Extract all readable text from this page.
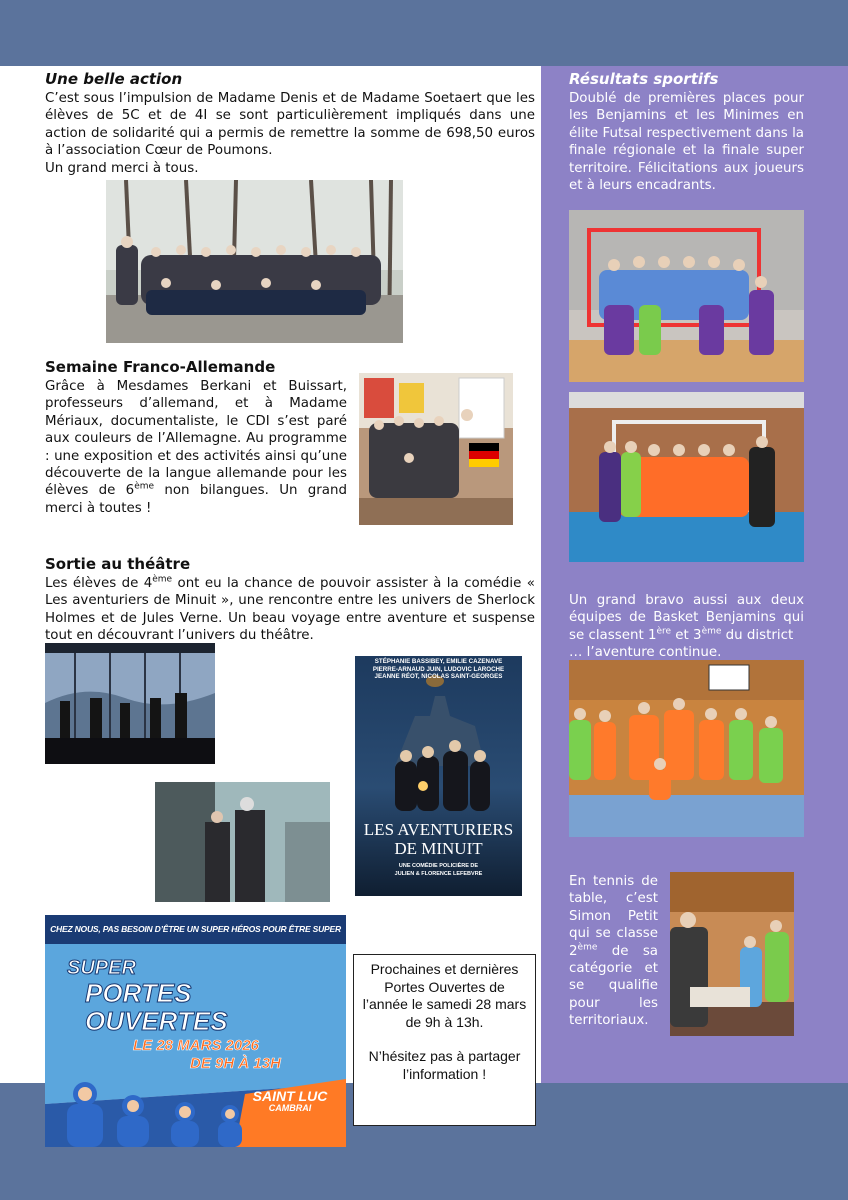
Une belle action

C’est sous l’impulsion de Madame Denis et de Madame Soetaert que les élèves de 5C et de 4I se sont particulièrement impliqués dans une action de solidarité qui a permis de remettre la somme de 698,50 euros à l’association Cœur de Poumons.
Un grand merci à tous.

Semaine Franco-Allemande

Grâce à Mesdames Berkani et Buissart, professeurs d’allemand, et à Madame Mériaux, documentaliste, le CDI s’est paré aux couleurs de l’Allemagne. Au programme : une exposition et des activités ainsi qu’une découverte de la langue allemande pour les élèves de 6ème non bilangues. Un grand merci à toutes !

Sortie au théâtre

Les élèves de 4ème ont eu la chance de pouvoir assister à la comédie « Les aventuriers de Minuit », une rencontre entre les univers de Sherlock Holmes et de Jules Verne. Un beau voyage entre aventure et suspense tout en découvrant l’univers du théâtre.

STÉPHANIE BASSIBEY, EMILIE CAZENAVE
PIERRE-ARNAUD JUIN, LUDOVIC LAROCHE
JEANNE RÉOT, NICOLAS SAINT-GEORGES
LES AVENTURIERS
DE MINUIT
UNE COMÉDIE POLICIÈRE DE
JULIEN & FLORENCE LEFEBVRE
CHEZ NOUS, PAS BESOIN D’ÊTRE UN SUPER HÉROS POUR ÊTRE SUPER
SUPER
PORTES
OUVERTES
LE 28 MARS 2026
DE 9H À 13H
SAINT LUC
CAMBRAI

Prochaines et dernières Portes Ouvertes de l’année le samedi 28 mars de 9h à 13h.

N’hésitez pas à partager l’information !

Résultats sportifs

Doublé de premières places pour les Benjamins et les Minimes en élite Futsal respectivement dans la finale régionale et la finale super territoire. Félicitations aux joueurs et à leurs encadrants.

Un grand bravo aussi aux deux équipes de Basket Benjamins qui se classent 1ère et 3ème du district
… l’aventure continue.

En tennis de table, c’est Simon Petit qui se classe 2ème de sa catégorie et se qualifie pour les territoriaux.
